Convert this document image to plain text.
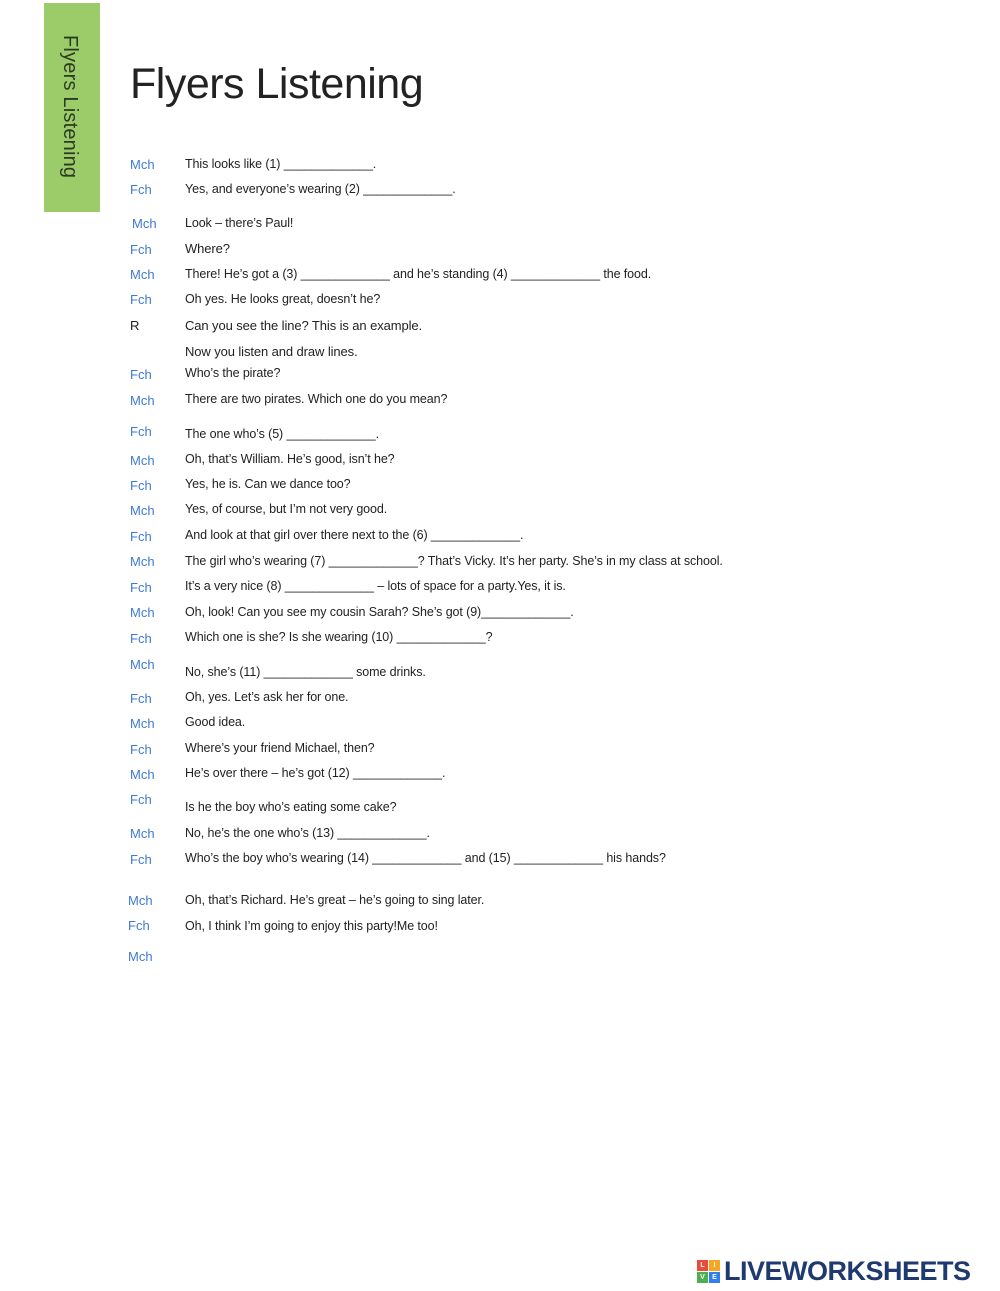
Flyers Listening Flyers Listening
Mch	This looks like (1) _____________.
Fch	Yes, and everyone’s wearing (2) _____________.
Mch	Look – there’s Paul!
Fch	Where?
Mch	There! He’s got a (3) _____________ and he’s standing (4) _____________ the food.
Fch	Oh yes. He looks great, doesn’t he?
R	Can you see the line? This is an example.
Now you listen and draw lines.
Fch	Who’s the pirate?
Mch	There are two pirates. Which one do you mean?
Fch	The one who’s (5) _____________.
Mch	Oh, that’s William. He’s good, isn’t he?
Fch	Yes, he is. Can we dance too?
Mch	Yes, of course, but I’m not very good.
Fch	And look at that girl over there next to the (6) _____________.
Mch	The girl who’s wearing (7) _____________? That’s Vicky. It’s her party. She’s in my class at school.
Fch	It’s a very nice (8) _____________ – lots of space for a party.Yes, it is.
Mch	Oh, look! Can you see my cousin Sarah? She’s got (9)_____________.
Fch	Which one is she? Is she wearing (10) _____________?
Mch	No, she’s (11) _____________ some drinks.
Fch	Oh, yes. Let’s ask her for one.
Mch	Good idea.
Fch	Where’s your friend Michael, then?
Mch	He’s over there – he’s got (12) _____________.
Fch	Is he the boy who’s eating some cake?
Mch	No, he’s the one who’s (13) _____________.
Fch	Who’s the boy who’s wearing (14) _____________ and (15) _____________ his hands?
Mch	Oh, that’s Richard. He’s great – he’s going to sing later.
Fch	Oh, I think I’m going to enjoy this party!Me too!
Mch
L	I
V	E LIVEWORKSHEETS
